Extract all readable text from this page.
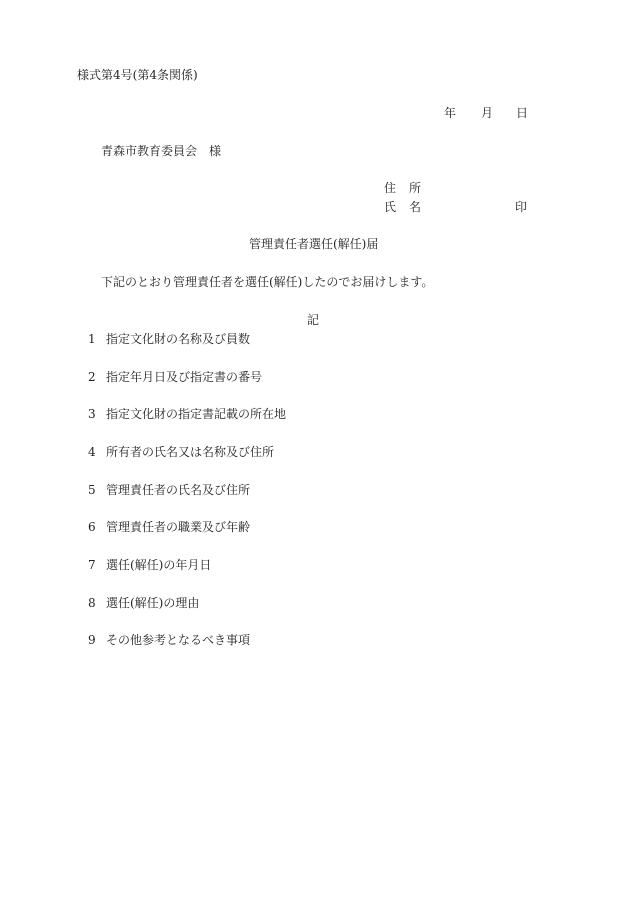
様式第4号(第4条関係)
年 月 日
青森市教育委員会　様
住 所
氏 名	印
管理責任者選任(解任)届
下記のとおり管理責任者を選任(解任)したのでお届けします。
記
1 指定文化財の名称及び員数
2 指定年月日及び指定書の番号
3 指定文化財の指定書記載の所在地
4 所有者の氏名又は名称及び住所
5 管理責任者の氏名及び住所
6 管理責任者の職業及び年齢
7 選任(解任)の年月日
8 選任(解任)の理由
9 その他参考となるべき事項
